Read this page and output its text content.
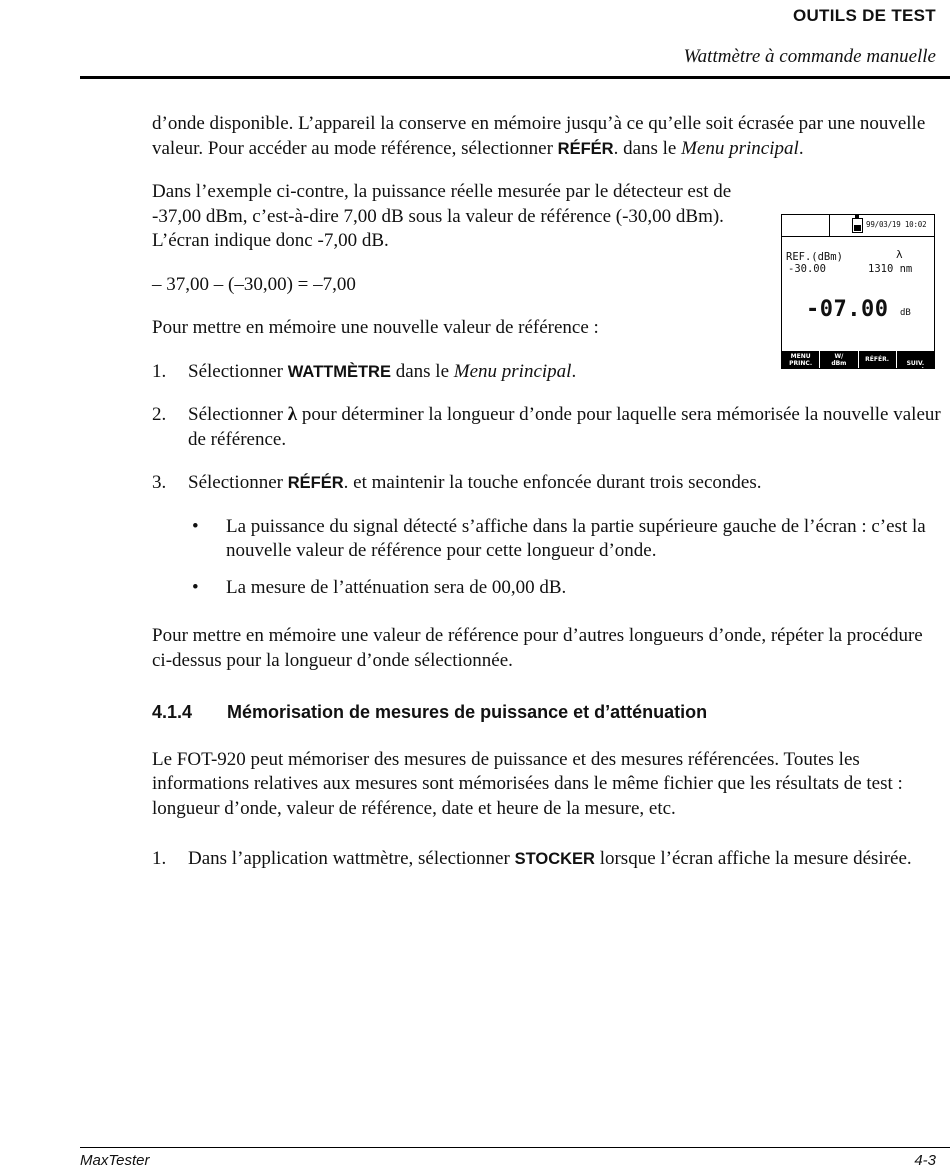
OUTILS DE TEST
Wattmètre à commande manuelle

d’onde disponible. L’appareil la conserve en mémoire jusqu’à ce qu’elle soit écrasée par une nouvelle valeur. Pour accéder au mode référence, sélectionner RÉFÉR. dans le Menu principal.

Dans l’exemple ci-contre, la puissance réelle mesurée par le détecteur est de -37,00 dBm, c’est-à-dire 7,00 dB sous la valeur de référence (-30,00 dBm). L’écran indique donc -7,00 dB.

– 37,00 – (–30,00) = –7,00

Pour mettre en mémoire une nouvelle valeur de référence :

1. Sélectionner WATTMÈTRE dans le Menu principal.
2. Sélectionner λ pour déterminer la longueur d’onde pour laquelle sera mémorisée la nouvelle valeur de référence.
3. Sélectionner RÉFÉR. et maintenir la touche enfoncée durant trois secondes.
• La puissance du signal détecté s’affiche dans la partie supérieure gauche de l’écran : c’est la nouvelle valeur de référence pour cette longueur d’onde.
• La mesure de l’atténuation sera de 00,00 dB.

Pour mettre en mémoire une valeur de référence pour d’autres longueurs d’onde, répéter la procédure ci-dessus pour la longueur d’onde sélectionnée.

4.1.4 Mémorisation de mesures de puissance et d’atténuation

Le FOT-920 peut mémoriser des mesures de puissance et des mesures référencées. Toutes les informations relatives aux mesures sont mémorisées dans le même fichier que les résultats de test : longueur d’onde, valeur de référence, date et heure de la mesure, etc.

1. Dans l’application wattmètre, sélectionner STOCKER lorsque l’écran affiche la mesure désirée.
99/03/19 10:02
REF.(dBm)	λ
-30.00	1310 nm
-07.00 dB
MENU
PRINC.
W/
dBm
RÉFÉR.

SUIV.

MaxTester	4-3
